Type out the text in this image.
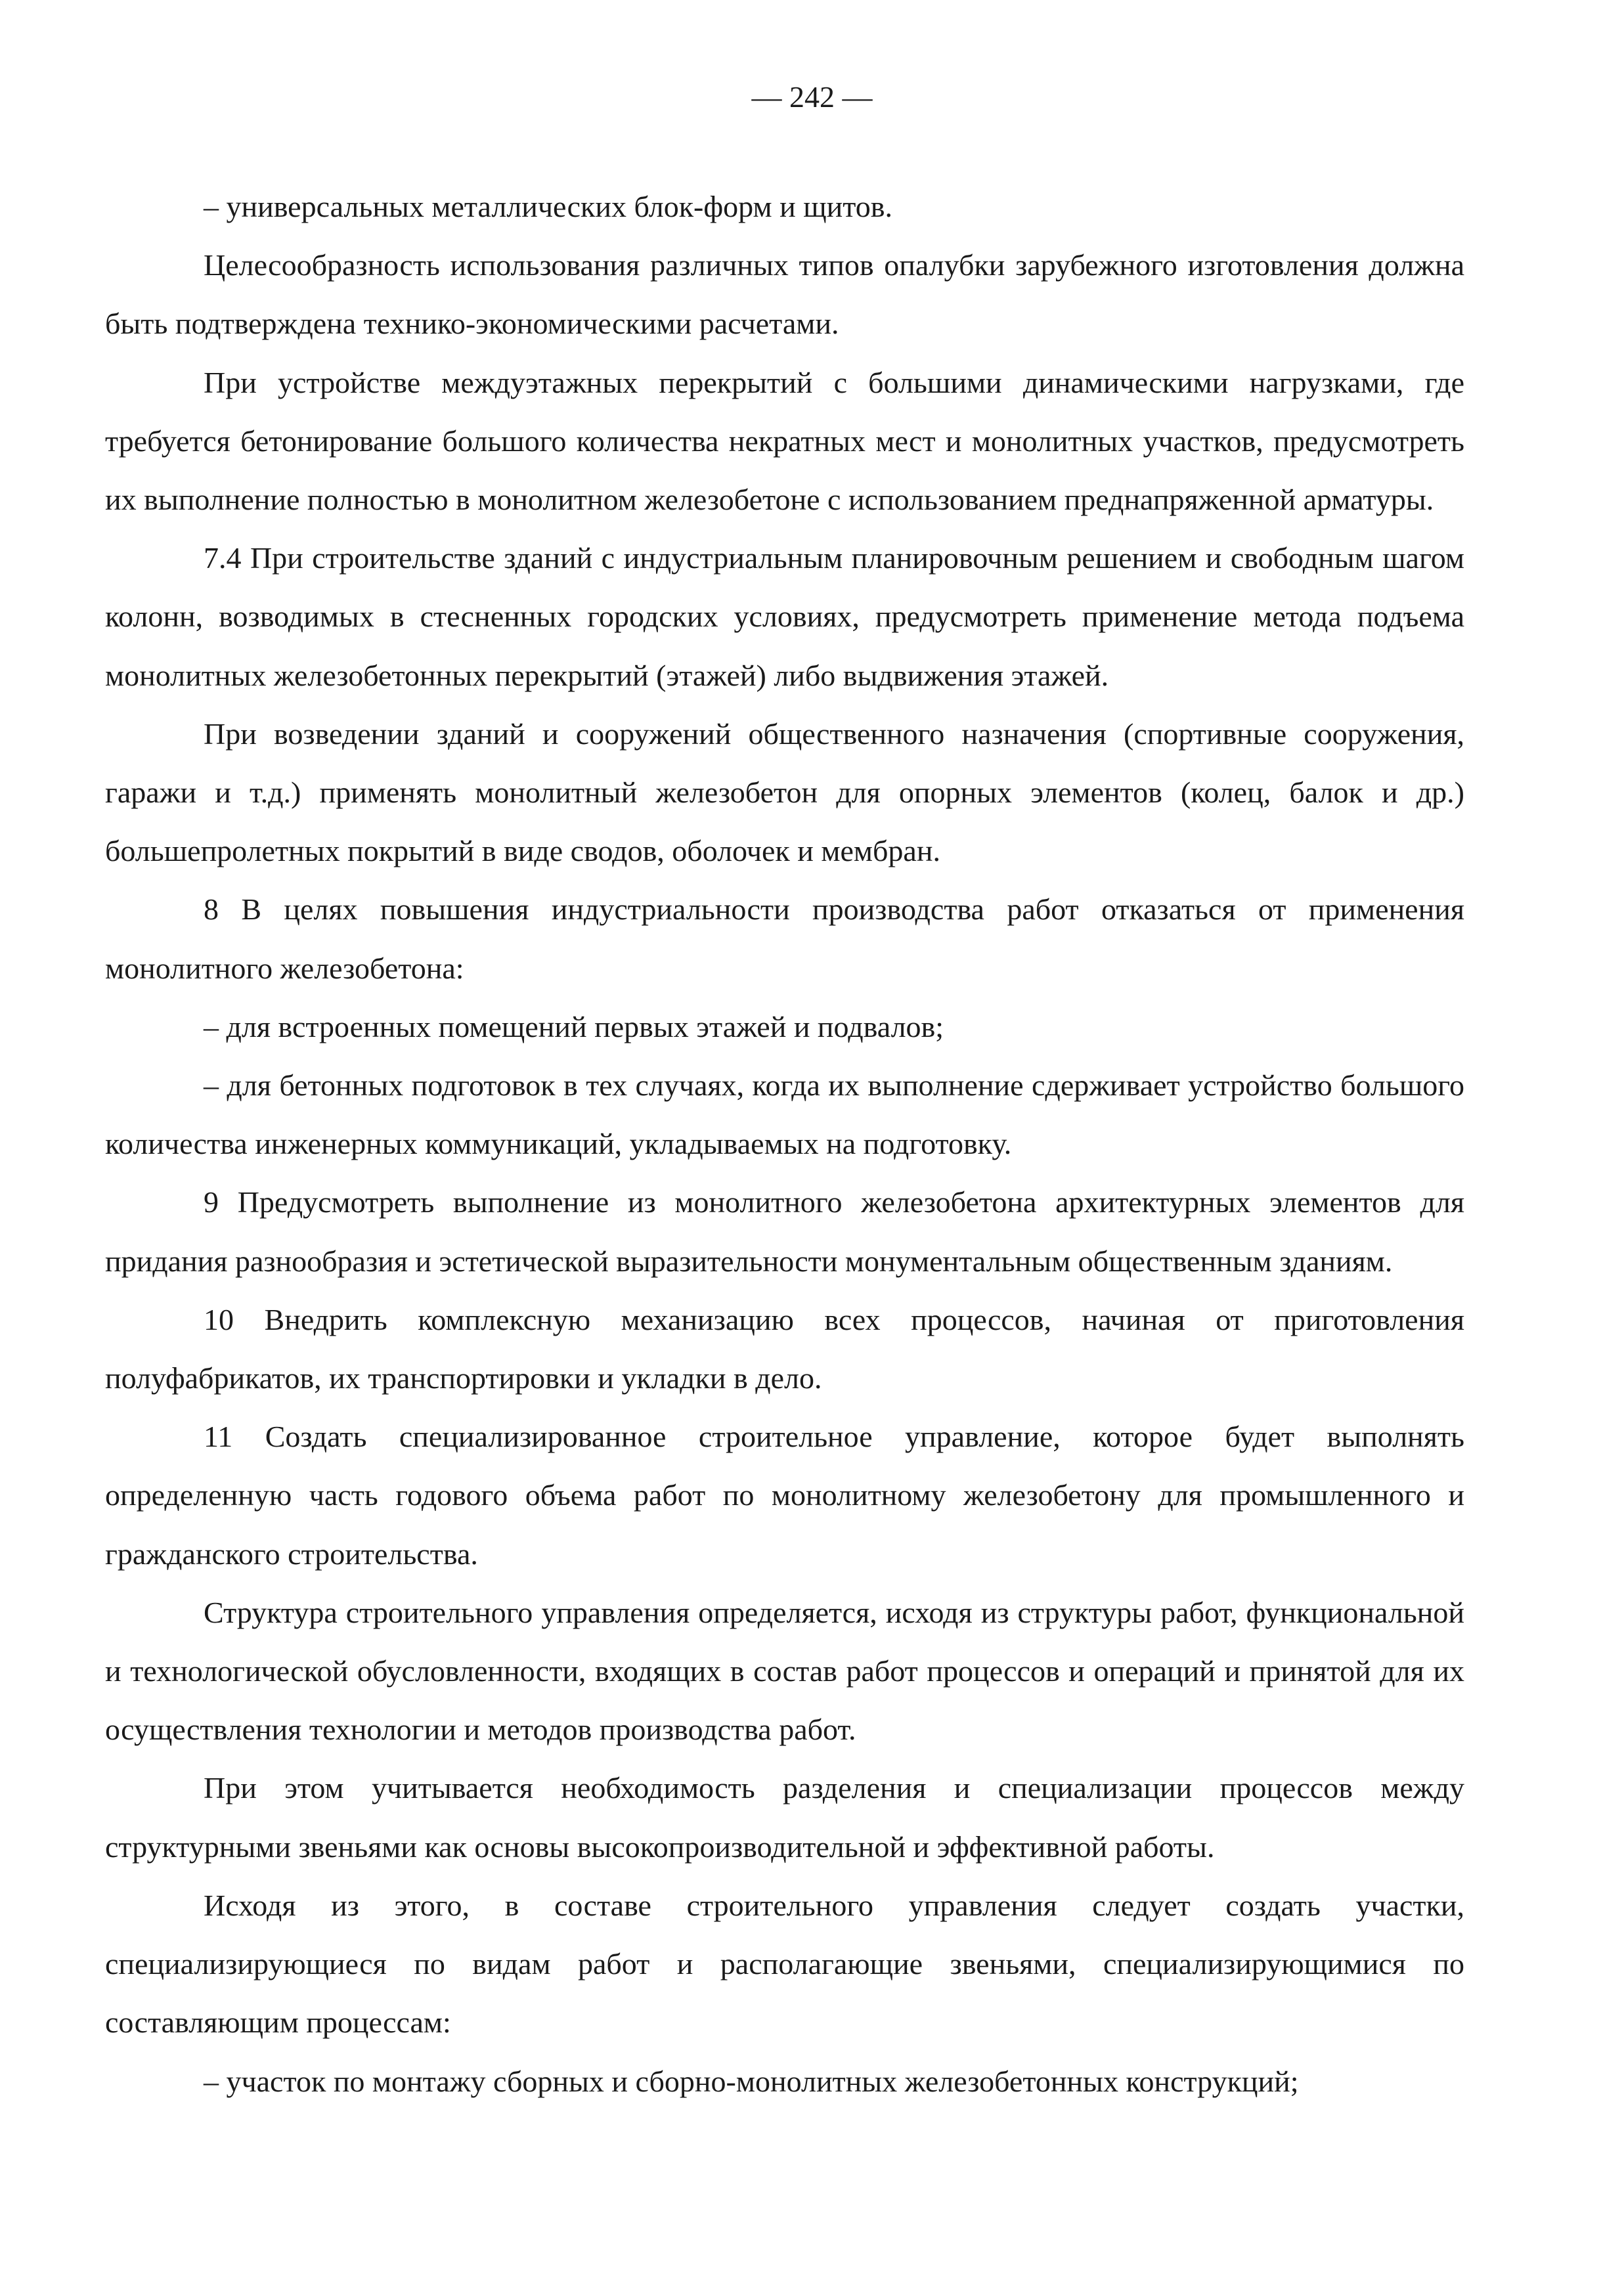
— 242 —

– универсальных металлических блок-форм и щитов.

Целесообразность использования различных типов опалубки зарубежного изготовления должна быть подтверждена технико-экономическими расчетами.

При устройстве междуэтажных перекрытий с большими динамическими нагрузками, где требуется бетонирование большого количества некратных мест и монолитных участков, предусмотреть их выполнение полностью в монолитном железобетоне с использованием преднапряженной арматуры.

7.4 При строительстве зданий с индустриальным планировочным решением и свободным шагом колонн, возводимых в стесненных городских условиях, предусмотреть применение метода подъема монолитных железобетонных перекрытий (этажей) либо выдвижения этажей.

При возведении зданий и сооружений общественного назначения (спортивные сооружения, гаражи и т.д.) применять монолитный железобетон для опорных элементов (колец, балок и др.) большепролетных покрытий в виде сводов, оболочек и мембран.

8 В целях повышения индустриальности производства работ отказаться от применения монолитного железобетона:

– для встроенных помещений первых этажей и подвалов;

– для бетонных подготовок в тех случаях, когда их выполнение сдерживает устройство большого количества инженерных коммуникаций, укладываемых на подготовку.

9 Предусмотреть выполнение из монолитного железобетона архитектурных элементов для придания разнообразия и эстетической выразительности монументальным общественным зданиям.

10 Внедрить комплексную механизацию всех процессов, начиная от приготовления полуфабрикатов, их транспортировки и укладки в дело.

11 Создать специализированное строительное управление, которое будет выполнять определенную часть годового объема работ по монолитному железобетону для промышленного и гражданского строительства.

Структура строительного управления определяется, исходя из структуры работ, функциональной и технологической обусловленности, входящих в состав работ процессов и операций и принятой для их осуществления технологии и методов производства работ.

При этом учитывается необходимость разделения и специализации процессов между структурными звеньями как основы высокопроизводительной и эффективной работы.

Исходя из этого, в составе строительного управления следует создать участки, специализирующиеся по видам работ и располагающие звеньями, специализирующимися по составляющим процессам:

– участок по монтажу сборных и сборно-монолитных железобетонных конструкций;
